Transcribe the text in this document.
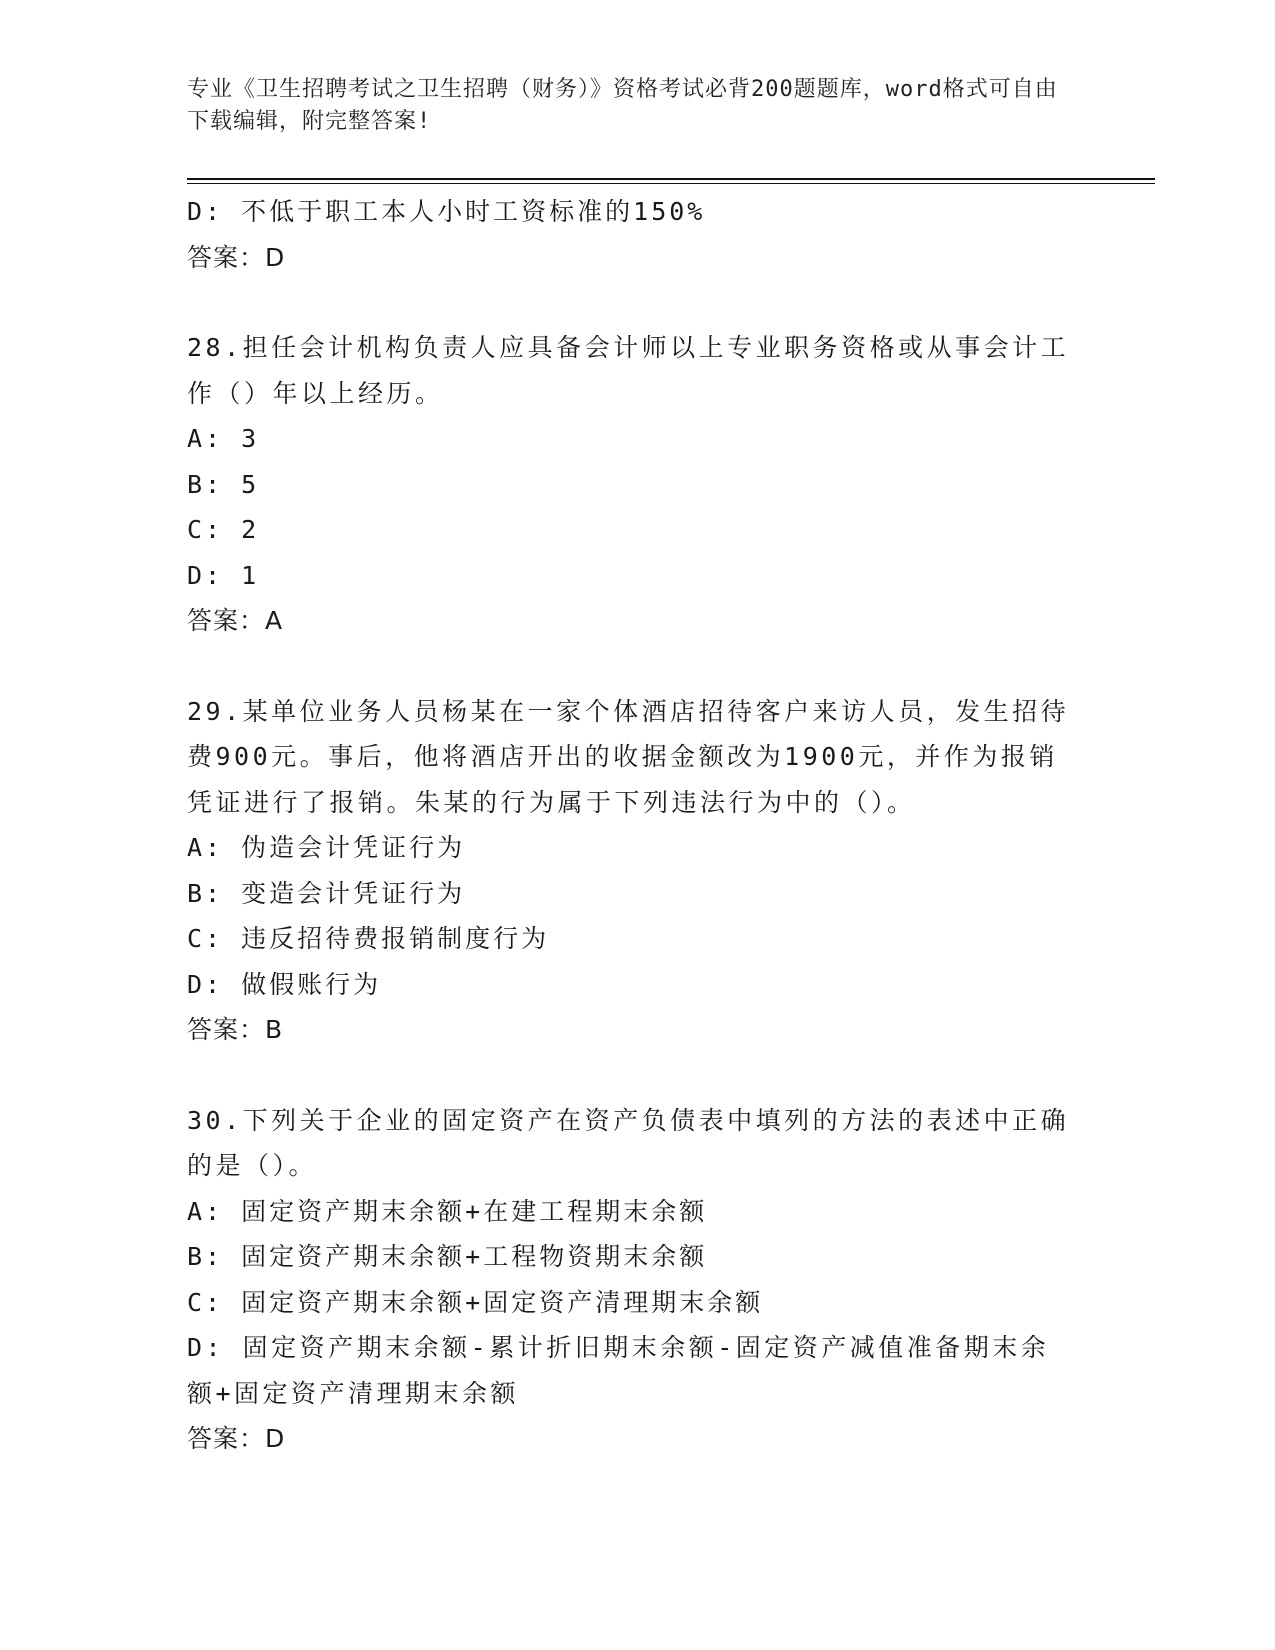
专业《卫生招聘考试之卫生招聘（财务）》资格考试必背200题题库，word格式可自由下载编辑，附完整答案!
D: 不低于职工本人小时工资标准的150%
答案：D
28.担任会计机构负责人应具备会计师以上专业职务资格或从事会计工作（）年以上经历。
A: 3
B: 5
C: 2
D: 1
答案：A
29.某单位业务人员杨某在一家个体酒店招待客户来访人员，发生招待费900元。事后，他将酒店开出的收据金额改为1900元，并作为报销凭证进行了报销。朱某的行为属于下列违法行为中的（）。
A: 伪造会计凭证行为
B: 变造会计凭证行为
C: 违反招待费报销制度行为
D: 做假账行为
答案：B
30.下列关于企业的固定资产在资产负债表中填列的方法的表述中正确的是（）。
A: 固定资产期末余额+在建工程期末余额
B: 固定资产期末余额+工程物资期末余额
C: 固定资产期末余额+固定资产清理期末余额
D: 固定资产期末余额-累计折旧期末余额-固定资产减值准备期末余额+固定资产清理期末余额
答案：D
